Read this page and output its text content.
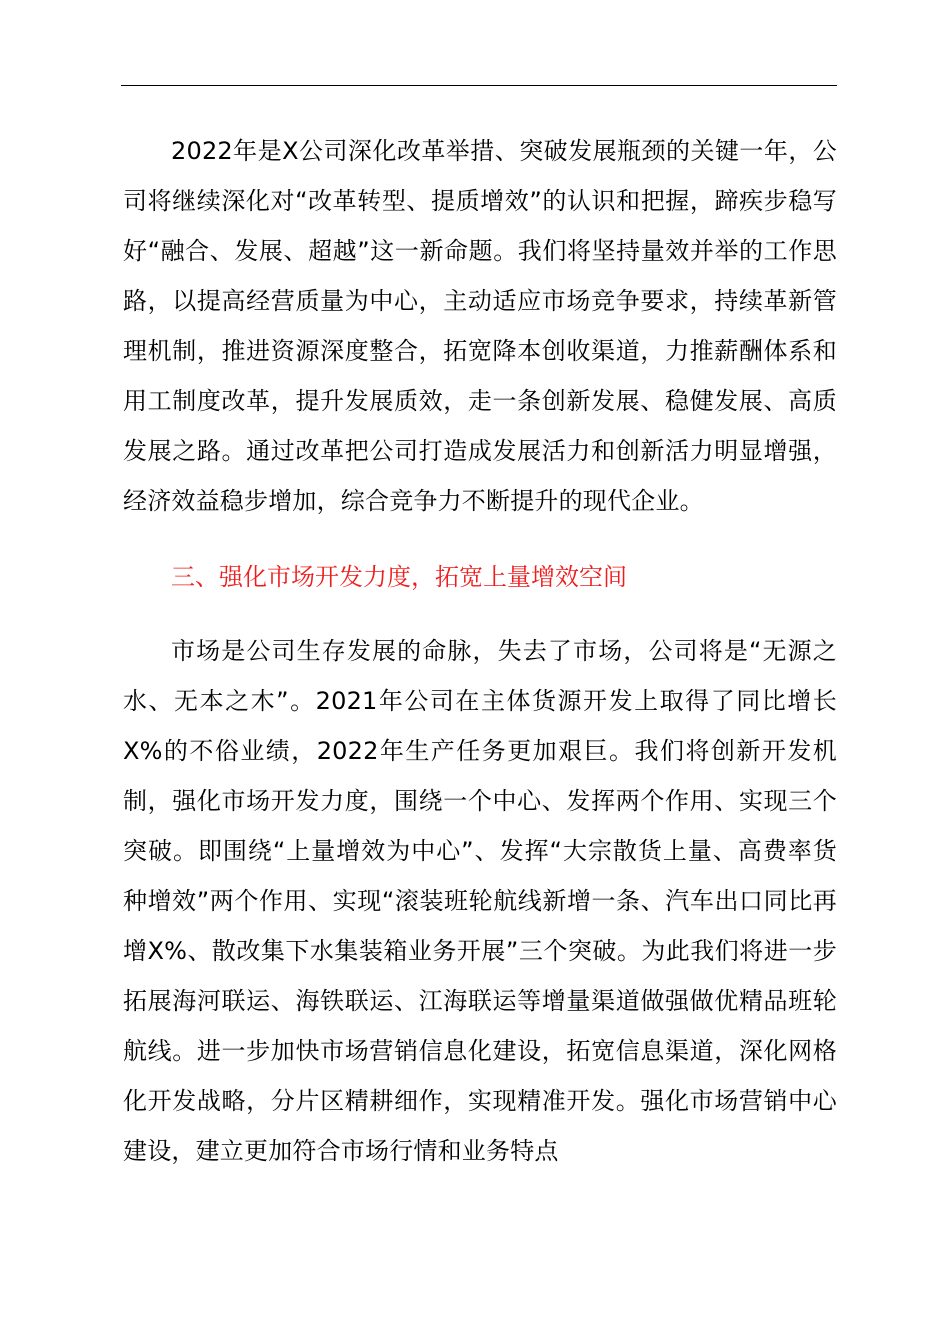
2022年是X公司深化改革举措、突破发展瓶颈的关键一年，公司将继续深化对“改革转型、提质增效”的认识和把握，蹄疾步稳写好“融合、发展、超越”这一新命题。我们将坚持量效并举的工作思路，以提高经营质量为中心，主动适应市场竞争要求，持续革新管理机制，推进资源深度整合，拓宽降本创收渠道，力推薪酬体系和用工制度改革，提升发展质效，走一条创新发展、稳健发展、高质发展之路。通过改革把公司打造成发展活力和创新活力明显增强，经济效益稳步增加，综合竞争力不断提升的现代企业。

三、强化市场开发力度，拓宽上量增效空间

市场是公司生存发展的命脉，失去了市场，公司将是“无源之水、无本之木”。2021年公司在主体货源开发上取得了同比增长X%的不俗业绩，2022年生产任务更加艰巨。我们将创新开发机制，强化市场开发力度，围绕一个中心、发挥两个作用、实现三个突破。即围绕“上量增效为中心”、发挥“大宗散货上量、高费率货种增效”两个作用、实现“滚装班轮航线新增一条、汽车出口同比再增X%、散改集下水集装箱业务开展”三个突破。为此我们将进一步拓展海河联运、海铁联运、江海联运等增量渠道做强做优精品班轮航线。进一步加快市场营销信息化建设，拓宽信息渠道，深化网格化开发战略，分片区精耕细作，实现精准开发。强化市场营销中心建设，建立更加符合市场行情和业务特点
